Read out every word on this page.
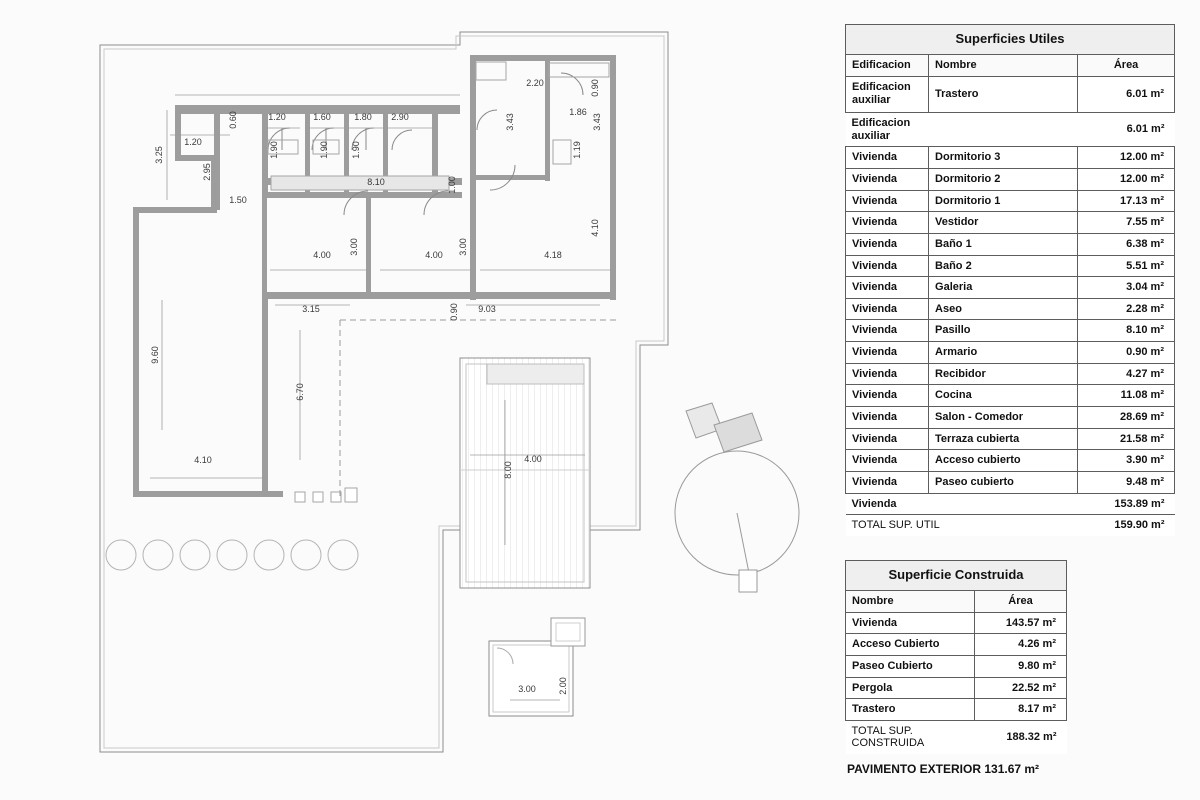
2.20	0.90
3.43
1.86
3.43
1.19
0.60	1.20	1.60	1.80 2.90
1.90	1.90 1.90
1.20
3.25
2.95
1.50
8.10	1.00
4.10
4.00 3.00	4.00 3.00	4.18
3.15	0.90 9.03
9.60
6.70
4.10
8.00
4.00
3.00 2.00
Superficies Utiles		
Edificacion	Nombre	Área
Edificacion auxiliar	Trastero	6.01 m²
Edificacion auxiliar		6.01 m²
Vivienda	Dormitorio 3	12.00 m²
Vivienda	Dormitorio 2	12.00 m²
Vivienda	Dormitorio 1	17.13 m²
Vivienda	Vestidor	7.55 m²
Vivienda	Baño 1	6.38 m²
Vivienda	Baño 2	5.51 m²
Vivienda	Galeria	3.04 m²
Vivienda	Aseo	2.28 m²
Vivienda	Pasillo	8.10 m²
Vivienda	Armario	0.90 m²
Vivienda	Recibidor	4.27 m²
Vivienda	Cocina	11.08 m²
Vivienda	Salon - Comedor	28.69 m²
Vivienda	Terraza cubierta	21.58 m²
Vivienda	Acceso cubierto	3.90 m²
Vivienda	Paseo cubierto	9.48 m²
Vivienda		153.89 m²
TOTAL SUP. UTIL		159.90 m²
Superficie Construida	
Nombre	Área
Vivienda	143.57 m²
Acceso Cubierto	4.26 m²
Paseo Cubierto	9.80 m²
Pergola	22.52 m²
Trastero	8.17 m²
TOTAL SUP. CONSTRUIDA	188.32 m²
PAVIMENTO EXTERIOR 131.67 m²
